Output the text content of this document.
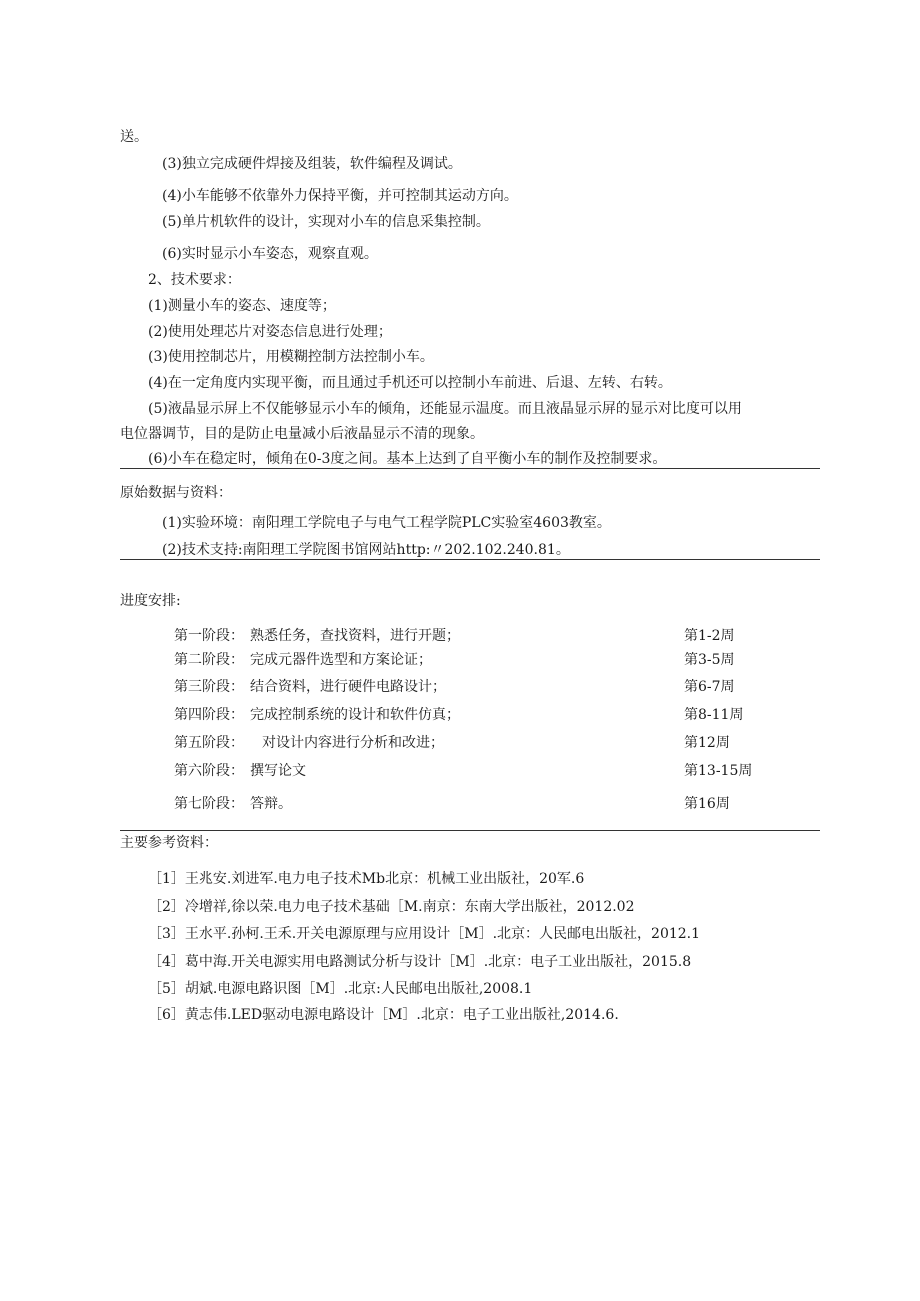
送。
(3)独立完成硬件焊接及组装，软件编程及调试。
(4)小车能够不依靠外力保持平衡，并可控制其运动方向。
(5)单片机软件的设计，实现对小车的信息采集控制。
(6)实时显示小车姿态，观察直观。
2、技术要求：
(1)测量小车的姿态、速度等；
(2)使用处理芯片对姿态信息进行处理；
(3)使用控制芯片，用模糊控制方法控制小车。
(4)在一定角度内实现平衡，而且通过手机还可以控制小车前进、后退、左转、右转。
(5)液晶显示屏上不仅能够显示小车的倾角，还能显示温度。而且液晶显示屏的显示对比度可以用
电位器调节，目的是防止电量减小后液晶显示不清的现象。
(6)小车在稳定时，倾角在0-3度之间。基本上达到了自平衡小车的制作及控制要求。
原始数据与资料：
(1)实验环境：南阳理工学院电子与电气工程学院PLC实验室4603教室。
(2)技术支持:南阳理工学院图书馆网站http:〃202.102.240.81。
进度安排:
第一阶段： 熟悉任务，查找资料，进行开题；	第1-2周
第二阶段： 完成元器件选型和方案论证；	第3-5周
第三阶段： 结合资料，进行硬件电路设计；	第6-7周
第四阶段： 完成控制系统的设计和软件仿真；	第8-11周
第五阶段： 对设计内容进行分析和改进；	第12周
第六阶段： 撰写论文	第13-15周
第七阶段： 答辩。	第16周
主要参考资料：
［1］王兆安.刘进军.电力电子技术Mb北京：机械工业出版社，20军.6
［2］冷增祥,徐以荣.电力电子技术基础［M.南京：东南大学出版社，2012.02
［3］王水平.孙柯.王禾.开关电源原理与应用设计［M］.北京：人民邮电出版社，2012.1
［4］葛中海.开关电源实用电路测试分析与设计［M］.北京：电子工业出版社，2015.8
［5］胡斌.电源电路识图［M］.北京:人民邮电出版社,2008.1
［6］黄志伟.LED驱动电源电路设计［M］.北京：电子工业出版社,2014.6.
